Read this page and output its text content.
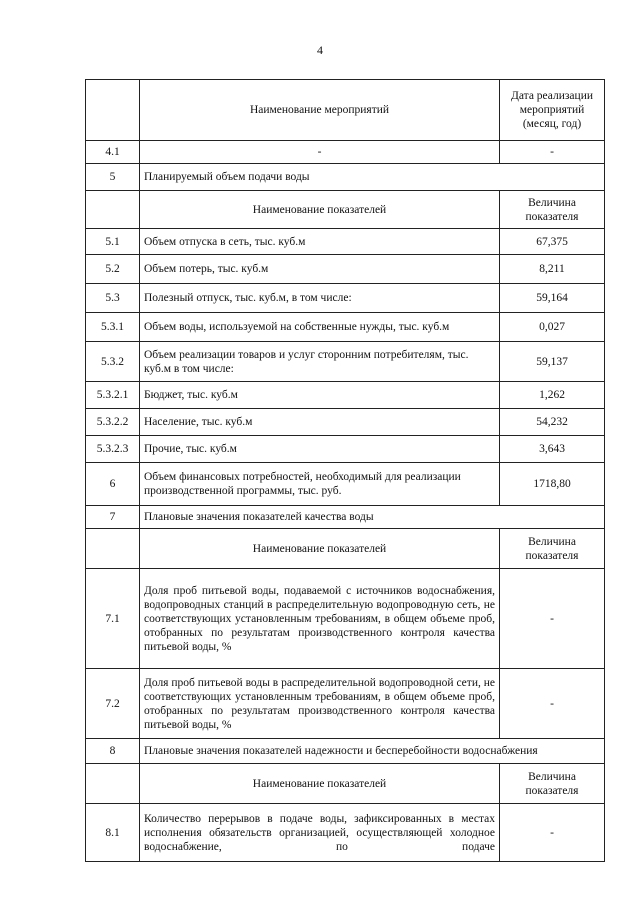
4
	Наименование мероприятий	Дата реализации мероприятий (месяц, год)
4.1	-	-
5	Планируемый объем подачи воды	
	Наименование показателей	Величина показателя
5.1	Объем отпуска в сеть, тыс. куб.м	67,375
5.2	Объем потерь, тыс. куб.м	8,211
5.3	Полезный отпуск, тыс. куб.м, в том числе:	59,164
5.3.1	Объем воды, используемой на собственные нужды, тыс. куб.м	0,027
5.3.2	Объем реализации товаров и услуг сторонним потребителям, тыс. куб.м в том числе:	59,137
5.3.2.1	Бюджет, тыс. куб.м	1,262
5.3.2.2	Население, тыс. куб.м	54,232
5.3.2.3	Прочие, тыс. куб.м	3,643
6	Объем финансовых потребностей, необходимый для реализации производственной программы, тыс. руб.	1718,80
7	Плановые значения показателей качества воды	
	Наименование показателей	Величина показателя
7.1	Доля проб питьевой воды, подаваемой с источников водоснабжения, водопроводных станций в распределительную водопроводную сеть, не соответствующих установленным требованиям, в общем объеме проб, отобранных по результатам производственного контроля качества питьевой воды, %	-
7.2	Доля проб питьевой воды в распределительной водопроводной сети, не соответствующих установленным требованиям, в общем объеме проб, отобранных по результатам производственного контроля качества питьевой воды, %	-
8	Плановые значения показателей надежности и бесперебойности водоснабжения	
	Наименование показателей	Величина показателя
8.1	Количество перерывов в подаче воды, зафиксированных в местах исполнения обязательств организацией, осуществляющей холодное водоснабжение, по подаче	-
